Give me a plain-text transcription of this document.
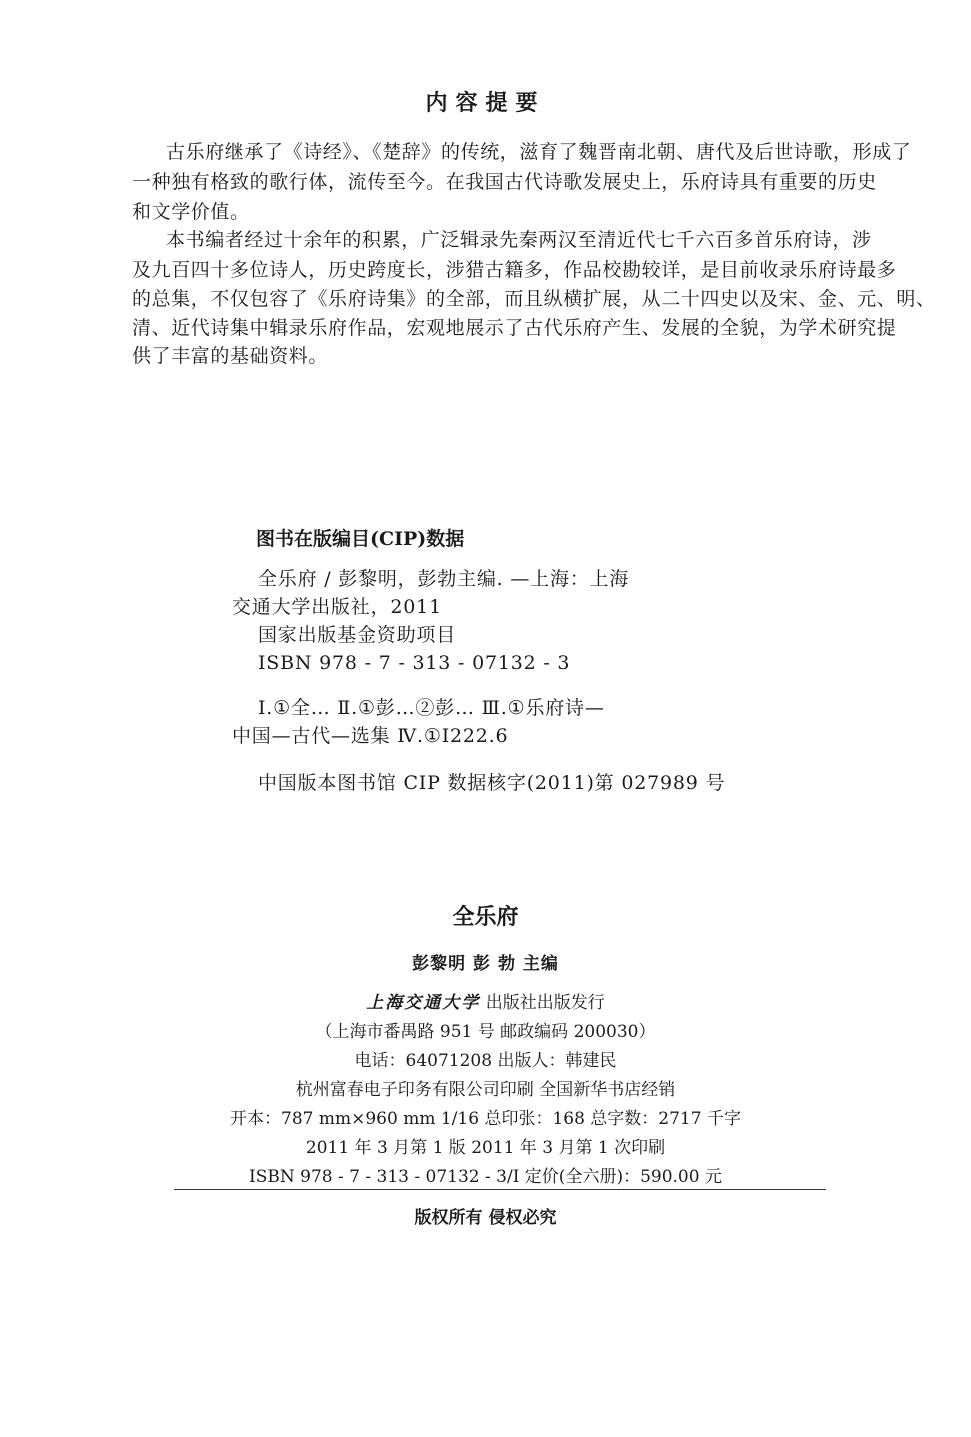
内容提要
古乐府继承了《诗经》、《楚辞》的传统，滋育了魏晋南北朝、唐代及后世诗歌，形成了
一种独有格致的歌行体，流传至今。在我国古代诗歌发展史上，乐府诗具有重要的历史
和文学价值。
本书编者经过十余年的积累，广泛辑录先秦两汉至清近代七千六百多首乐府诗，涉
及九百四十多位诗人，历史跨度长，涉猎古籍多，作品校勘较详，是目前收录乐府诗最多
的总集，不仅包容了《乐府诗集》的全部，而且纵横扩展，从二十四史以及宋、金、元、明、
清、近代诗集中辑录乐府作品，宏观地展示了古代乐府产生、发展的全貌，为学术研究提
供了丰富的基础资料。
图书在版编目(CIP)数据
全乐府 / 彭黎明，彭勃主编. —上海：上海
交通大学出版社，2011
国家出版基金资助项目
ISBN 978 - 7 - 313 - 07132 - 3
Ⅰ.①全… Ⅱ.①彭…②彭… Ⅲ.①乐府诗—
中国—古代—选集 Ⅳ.①I222.6
中国版本图书馆 CIP 数据核字(2011)第 027989 号
全乐府
彭黎明 彭 勃 主编
上海交通大学 出版社出版发行
（上海市番禺路 951 号 邮政编码 200030）
电话：64071208 出版人：韩建民
杭州富春电子印务有限公司印刷 全国新华书店经销
开本：787 mm×960 mm 1/16 总印张：168 总字数：2717 千字
2011 年 3 月第 1 版 2011 年 3 月第 1 次印刷
ISBN 978 - 7 - 313 - 07132 - 3/I 定价(全六册)：590.00 元
版权所有 侵权必究
